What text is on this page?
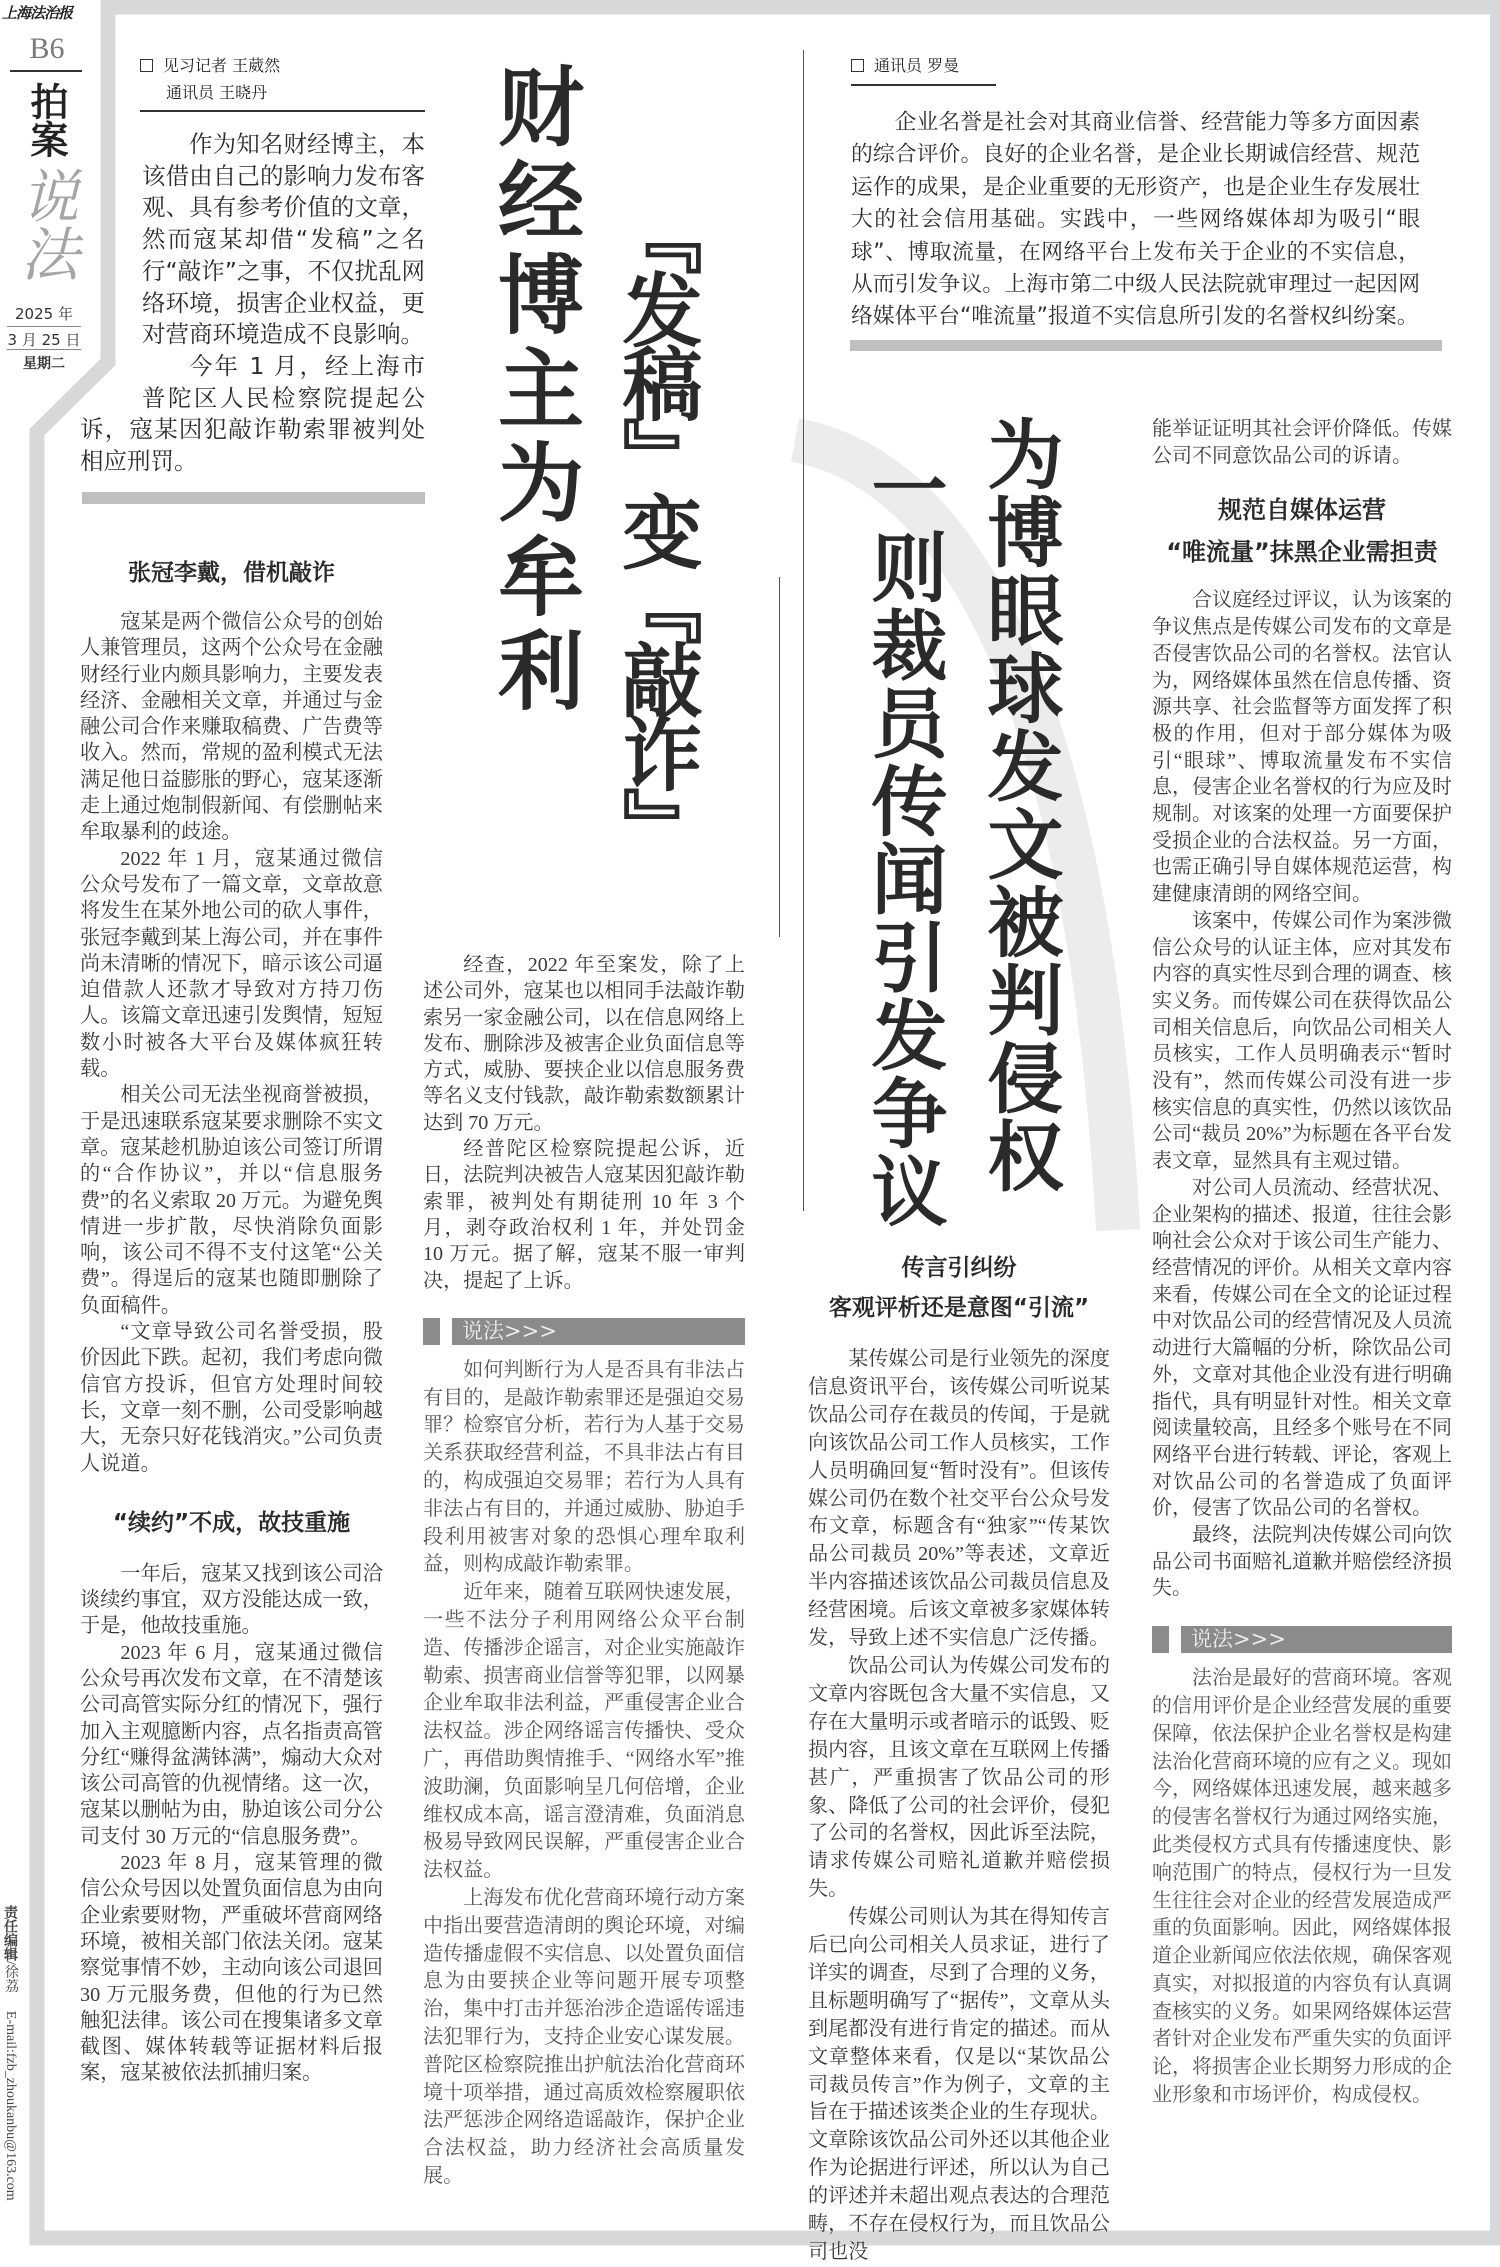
上海法治报
B6
拍案
说法
2025 年
3 月 25 日
星期二
责任编辑/徐荔E-mail:fzb_zhoukanbu@163.com
见习记者 王葳然
通讯员 王晓丹

作为知名财经博主，本该借由自己的影响力发布客观、具有参考价值的文章，然而寇某却借“发稿”之名行“敲诈”之事，不仅扰乱网络环境，损害企业权益，更对营商环境造成不良影响。

今年 1 月，经上海市普陀区人民检察院提起公诉，寇某因犯敲诈勒索罪被判处相应刑罚。	财经博主为牟利 『发稿』变『敲诈』
张冠李戴，借机敲诈

寇某是两个微信公众号的创始人兼管理员，这两个公众号在金融财经行业内颇具影响力，主要发表经济、金融相关文章，并通过与金融公司合作来赚取稿费、广告费等收入。然而，常规的盈利模式无法满足他日益膨胀的野心，寇某逐渐走上通过炮制假新闻、有偿删帖来牟取暴利的歧途。

2022 年 1 月，寇某通过微信公众号发布了一篇文章，文章故意将发生在某外地公司的砍人事件，张冠李戴到某上海公司，并在事件尚未清晰的情况下，暗示该公司逼迫借款人还款才导致对方持刀伤人。该篇文章迅速引发舆情，短短数小时被各大平台及媒体疯狂转载。

相关公司无法坐视商誉被损，于是迅速联系寇某要求删除不实文章。寇某趁机胁迫该公司签订所谓的“合作协议”，并以“信息服务费”的名义索取 20 万元。为避免舆情进一步扩散，尽快消除负面影响，该公司不得不支付这笔“公关费”。得逞后的寇某也随即删除了负面稿件。

“文章导致公司名誉受损，股价因此下跌。起初，我们考虑向微信官方投诉，但官方处理时间较长，文章一刻不删，公司受影响越大，无奈只好花钱消灾。”公司负责人说道。

“续约”不成，故技重施

一年后，寇某又找到该公司洽谈续约事宜，双方没能达成一致，于是，他故技重施。

2023 年 6 月，寇某通过微信公众号再次发布文章，在不清楚该公司高管实际分红的情况下，强行加入主观臆断内容，点名指责高管分红“赚得盆满钵满”，煽动大众对该公司高管的仇视情绪。这一次，寇某以删帖为由，胁迫该公司分公司支付 30 万元的“信息服务费”。

2023 年 8 月，寇某管理的微信公众号因以处置负面信息为由向企业索要财物，严重破坏营商网络环境，被相关部门依法关闭。寇某察觉事情不妙，主动向该公司退回 30 万元服务费，但他的行为已然触犯法律。该公司在搜集诸多文章截图、媒体转载等证据材料后报案，寇某被依法抓捕归案。

经查，2022 年至案发，除了上述公司外，寇某也以相同手法敲诈勒索另一家金融公司，以在信息网络上发布、删除涉及被害企业负面信息等方式，威胁、要挟企业以信息服务费等名义支付钱款，敲诈勒索数额累计达到 70 万元。

经普陀区检察院提起公诉，近日，法院判决被告人寇某因犯敲诈勒索罪，被判处有期徒刑 10 年 3 个月，剥夺政治权利 1 年，并处罚金 10 万元。据了解，寇某不服一审判决，提起了上诉。

说法>>>

如何判断行为人是否具有非法占有目的，是敲诈勒索罪还是强迫交易罪？检察官分析，若行为人基于交易关系获取经营利益，不具非法占有目的，构成强迫交易罪；若行为人具有非法占有目的，并通过威胁、胁迫手段利用被害对象的恐惧心理牟取利益，则构成敲诈勒索罪。

近年来，随着互联网快速发展，一些不法分子利用网络公众平台制造、传播涉企谣言，对企业实施敲诈勒索、损害商业信誉等犯罪，以网暴企业牟取非法利益，严重侵害企业合法权益。涉企网络谣言传播快、受众广，再借助舆情推手、“网络水军”推波助澜，负面影响呈几何倍增，企业维权成本高，谣言澄清难，负面消息极易导致网民误解，严重侵害企业合法权益。

上海发布优化营商环境行动方案中指出要营造清朗的舆论环境，对编造传播虚假不实信息、以处置负面信息为由要挟企业等问题开展专项整治，集中打击并惩治涉企造谣传谣违法犯罪行为，支持企业安心谋发展。普陀区检察院推出护航法治化营商环境十项举措，通过高质效检察履职依法严惩涉企网络造谣敲诈，保护企业合法权益，助力经济社会高质量发展。

通讯员 罗曼

企业名誉是社会对其商业信誉、经营能力等多方面因素的综合评价。良好的企业名誉，是企业长期诚信经营、规范运作的成果，是企业重要的无形资产，也是企业生存发展壮大的社会信用基础。实践中，一些网络媒体却为吸引“眼球”、博取流量，在网络平台上发布关于企业的不实信息，从而引发争议。上海市第二中级人民法院就审理过一起因网络媒体平台“唯流量”报道不实信息所引发的名誉权纠纷案。

为博眼球发文被判侵权
一则裁员传闻引发争议
传言引纠纷
客观评析还是意图“引流”

某传媒公司是行业领先的深度信息资讯平台，该传媒公司听说某饮品公司存在裁员的传闻，于是就向该饮品公司工作人员核实，工作人员明确回复“暂时没有”。但该传媒公司仍在数个社交平台公众号发布文章，标题含有“独家”“传某饮品公司裁员 20%”等表述，文章近半内容描述该饮品公司裁员信息及经营困境。后该文章被多家媒体转发，导致上述不实信息广泛传播。

饮品公司认为传媒公司发布的文章内容既包含大量不实信息，又存在大量明示或者暗示的诋毁、贬损内容，且该文章在互联网上传播甚广，严重损害了饮品公司的形象、降低了公司的社会评价，侵犯了公司的名誉权，因此诉至法院，请求传媒公司赔礼道歉并赔偿损失。

传媒公司则认为其在得知传言后已向公司相关人员求证，进行了详实的调查，尽到了合理的义务，且标题明确写了“据传”，文章从头到尾都没有进行肯定的描述。而从文章整体来看，仅是以“某饮品公司裁员传言”作为例子，文章的主旨在于描述该类企业的生存现状。文章除该饮品公司外还以其他企业作为论据进行评述，所以认为自己的评述并未超出观点表达的合理范畴，不存在侵权行为，而且饮品公司也没

能举证证明其社会评价降低。传媒公司不同意饮品公司的诉请。

规范自媒体运营
“唯流量”抹黑企业需担责

合议庭经过评议，认为该案的争议焦点是传媒公司发布的文章是否侵害饮品公司的名誉权。法官认为，网络媒体虽然在信息传播、资源共享、社会监督等方面发挥了积极的作用，但对于部分媒体为吸引“眼球”、博取流量发布不实信息，侵害企业名誉权的行为应及时规制。对该案的处理一方面要保护受损企业的合法权益。另一方面，也需正确引导自媒体规范运营，构建健康清朗的网络空间。

该案中，传媒公司作为案涉微信公众号的认证主体，应对其发布内容的真实性尽到合理的调查、核实义务。而传媒公司在获得饮品公司相关信息后，向饮品公司相关人员核实，工作人员明确表示“暂时没有”，然而传媒公司没有进一步核实信息的真实性，仍然以该饮品公司“裁员 20%”为标题在各平台发表文章，显然具有主观过错。

对公司人员流动、经营状况、企业架构的描述、报道，往往会影响社会公众对于该公司生产能力、经营情况的评价。从相关文章内容来看，传媒公司在全文的论证过程中对饮品公司的经营情况及人员流动进行大篇幅的分析，除饮品公司外，文章对其他企业没有进行明确指代，具有明显针对性。相关文章阅读量较高，且经多个账号在不同网络平台进行转载、评论，客观上对饮品公司的名誉造成了负面评价，侵害了饮品公司的名誉权。

最终，法院判决传媒公司向饮品公司书面赔礼道歉并赔偿经济损失。

说法>>>

法治是最好的营商环境。客观的信用评价是企业经营发展的重要保障，依法保护企业名誉权是构建法治化营商环境的应有之义。现如今，网络媒体迅速发展，越来越多的侵害名誉权行为通过网络实施，此类侵权方式具有传播速度快、影响范围广的特点，侵权行为一旦发生往往会对企业的经营发展造成严重的负面影响。因此，网络媒体报道企业新闻应依法依规，确保客观真实，对拟报道的内容负有认真调查核实的义务。如果网络媒体运营者针对企业发布严重失实的负面评论，将损害企业长期努力形成的企业形象和市场评价，构成侵权。
